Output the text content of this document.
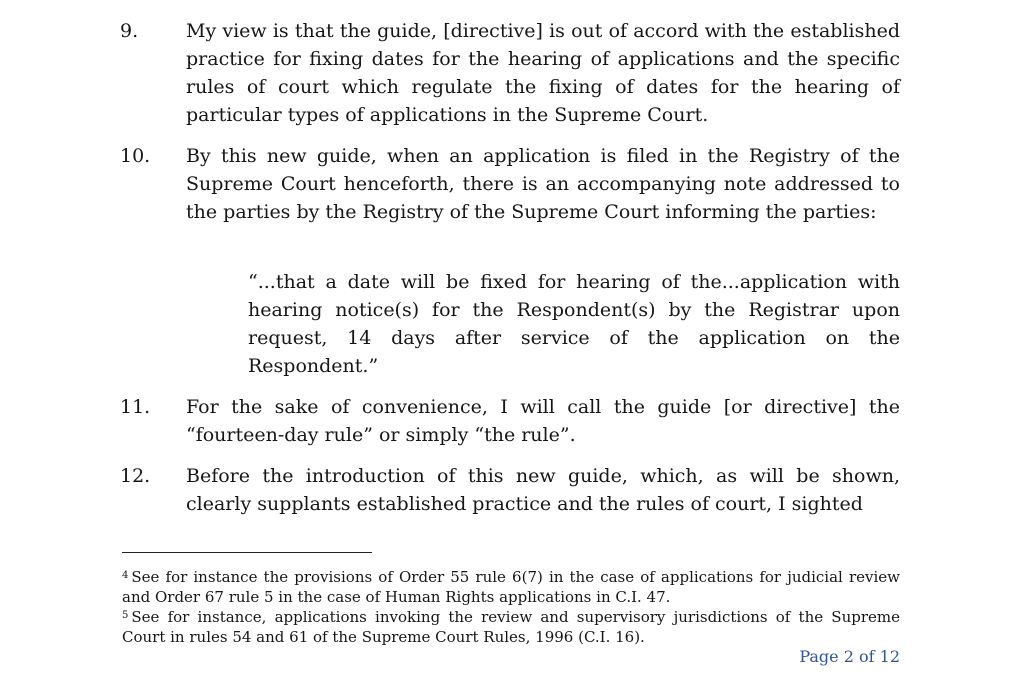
9.	My view is that the guide, [directive] is out of accord with the established practice for fixing dates for the hearing of applications and the specific rules of court which regulate the fixing of dates for the hearing of particular types of applications in the Supreme Court.
10.	By this new guide, when an application is filed in the Registry of the Supreme Court henceforth, there is an accompanying note addressed to the parties by the Registry of the Supreme Court informing the parties:
“...that a date will be fixed for hearing of the...application with hearing notice(s) for the Respondent(s) by the Registrar upon request, 14 days after service of the application on the Respondent.”
11.	For the sake of convenience, I will call the guide [or directive] the “fourteen-day rule” or simply “the rule”.
12.	Before the introduction of this new guide, which, as will be shown, clearly supplants established practice and the rules of court, I sighted

$^4$ See for instance the provisions of Order 55 rule 6(7) in the case of applications for judicial review and Order 67 rule 5 in the case of Human Rights applications in C.I. 47.

$^5$ See for instance, applications invoking the review and supervisory jurisdictions of the Supreme Court in rules 54 and 61 of the Supreme Court Rules, 1996 (C.I. 16).

Page 2 of 12
